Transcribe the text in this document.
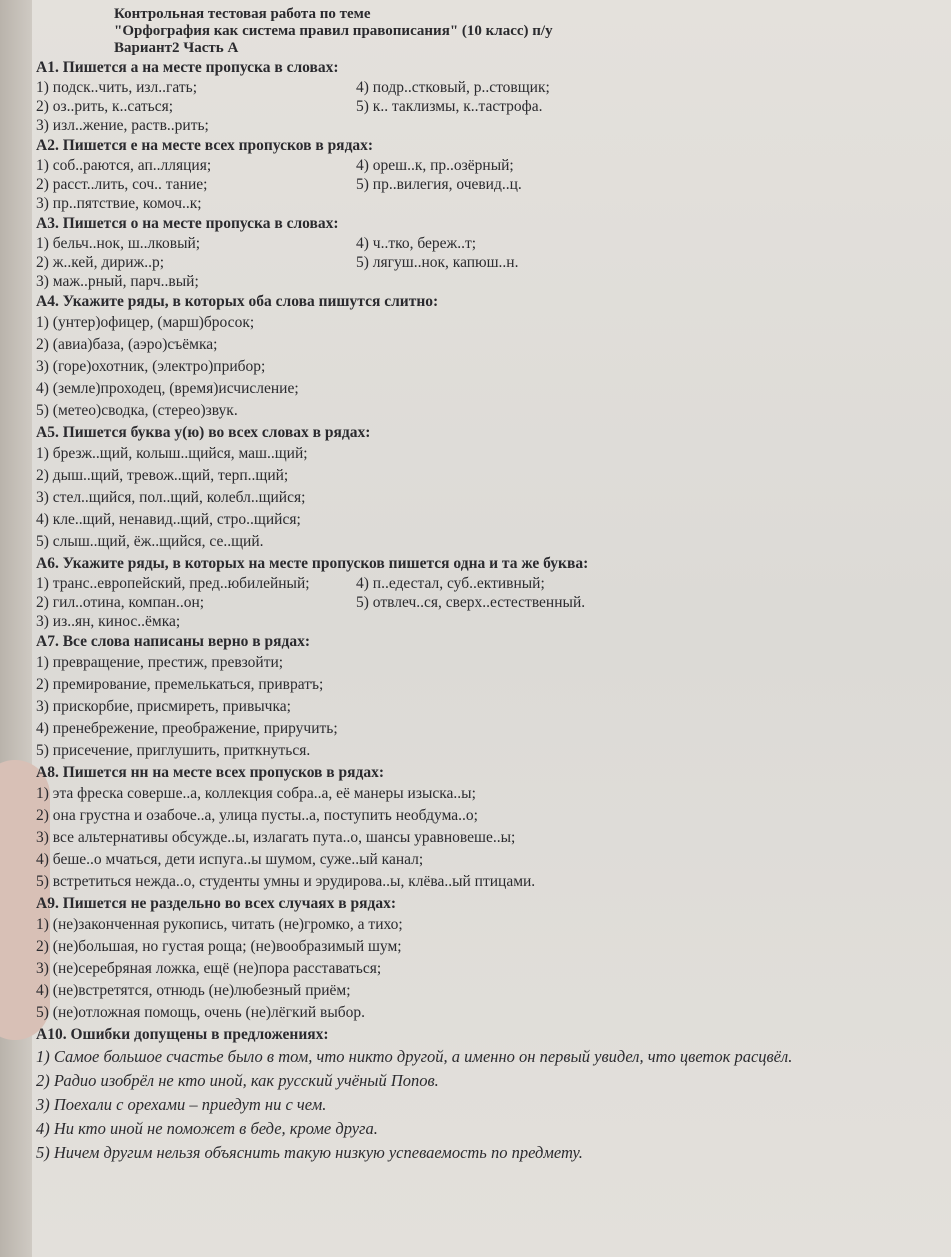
Контрольная тестовая работа по теме
"Орфография как система правил правописания" (10 класс) п/у
Вариант2 Часть А
А1. Пишется а на месте пропуска в словах:
1) подск..чить, изл..гать;	4) подр..стковый, р..стовщик;
2) оз..рить, к..саться;	5) к.. таклизмы, к..тастрофа.
3) изл..жение, раств..рить;
А2. Пишется е на месте всех пропусков в рядах:
1) соб..раются, ап..лляция;	4) ореш..к, пр..озёрный;
2) расст..лить, соч.. тание;	5) пр..вилегия, очевид..ц.
3) пр..пятствие, комоч..к;
А3. Пишется о на месте пропуска в словах:
1) бельч..нок, ш..лковый;	4) ч..тко, береж..т;
2) ж..кей, дириж..р;	5) лягуш..нок, капюш..н.
3) маж..рный, парч..вый;
А4. Укажите ряды, в которых оба слова пишутся слитно:
1) (унтер)офицер, (марш)бросок;
2) (авиа)база, (аэро)съёмка;
3) (горе)охотник, (электро)прибор;
4) (земле)проходец, (время)исчисление;
5) (метео)сводка, (стерео)звук.
А5. Пишется буква у(ю) во всех словах в рядах:
1) брезж..щий, колыш..щийся, маш..щий;
2) дыш..щий, тревож..щий, терп..щий;
3) стел..щийся, пол..щий, колебл..щийся;
4) кле..щий, ненавид..щий, стро..щийся;
5) слыш..щий, ёж..щийся, се..щий.
А6. Укажите ряды, в которых на месте пропусков пишется одна и та же буква:
1) транс..европейский, пред..юбилейный;	4) п..едестал, суб..ективный;
2) гил..отина, компан..он;	5) отвлеч..ся, сверх..естественный.
3) из..ян, кинос..ёмка;
А7. Все слова написаны верно в рядах:
1) превращение, престиж, превзойти;
2) премирование, премелькаться, привратъ;
3) прискорбие, присмиреть, привычка;
4) пренебрежение, преображение, приручить;
5) присечение, приглушить, приткнуться.
А8. Пишется нн на месте всех пропусков в рядах:
1) эта фреска соверше..а, коллекция собра..а, её манеры изыска..ы;
2) она грустна и озабоче..а, улица пусты..а, поступить необдума..о;
3) все альтернативы обсужде..ы, излагать пута..о, шансы уравновеше..ы;
4) беше..о мчаться, дети испуга..ы шумом, суже..ый канал;
5) встретиться нежда..о, студенты умны и эрудирова..ы, клёва..ый птицами.
А9. Пишется не раздельно во всех случаях в рядах:
1) (не)законченная рукопись, читать (не)громко, а тихо;
2) (не)большая, но густая роща; (не)вообразимый шум;
3) (не)серебряная ложка, ещё (не)пора расставаться;
4) (не)встретятся, отнюдь (не)любезный приём;
5) (не)отложная помощь, очень (не)лёгкий выбор.
А10. Ошибки допущены в предложениях:
1) Самое большое счастье было в том, что никто другой, а именно он первый увидел, что цветок расцвёл.
2) Радио изобрёл не кто иной, как русский учёный Попов.
3) Поехали с орехами – приедут ни с чем.
4) Ни кто иной не поможет в беде, кроме друга.
5) Ничем другим нельзя объяснить такую низкую успеваемость по предмету.
